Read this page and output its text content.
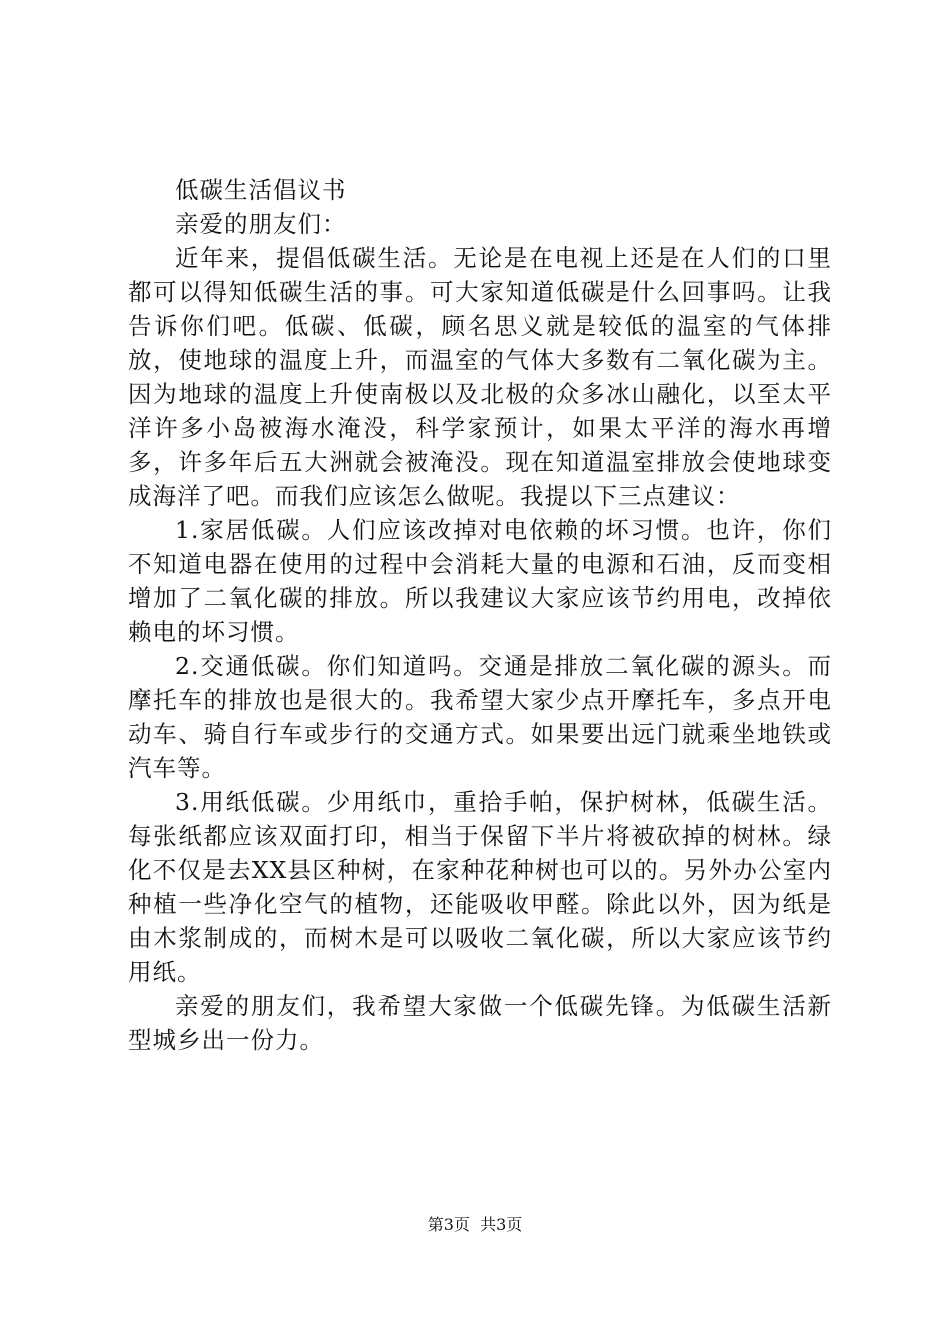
低碳生活倡议书

亲爱的朋友们：

近年来，提倡低碳生活。无论是在电视上还是在人们的口里都可以得知低碳生活的事。可大家知道低碳是什么回事吗。让我告诉你们吧。低碳、低碳，顾名思义就是较低的温室的气体排放，使地球的温度上升，而温室的气体大多数有二氧化碳为主。因为地球的温度上升使南极以及北极的众多冰山融化，以至太平洋许多小岛被海水淹没，科学家预计，如果太平洋的海水再增多，许多年后五大洲就会被淹没。现在知道温室排放会使地球变成海洋了吧。而我们应该怎么做呢。我提以下三点建议：

1.家居低碳。人们应该改掉对电依赖的坏习惯。也许，你们不知道电器在使用的过程中会消耗大量的电源和石油，反而变相增加了二氧化碳的排放。所以我建议大家应该节约用电，改掉依赖电的坏习惯。

2.交通低碳。你们知道吗。交通是排放二氧化碳的源头。而摩托车的排放也是很大的。我希望大家少点开摩托车，多点开电动车、骑自行车或步行的交通方式。如果要出远门就乘坐地铁或汽车等。

3.用纸低碳。少用纸巾，重拾手帕，保护树林，低碳生活。每张纸都应该双面打印，相当于保留下半片将被砍掉的树林。绿化不仅是去XX县区种树，在家种花种树也可以的。另外办公室内种植一些净化空气的植物，还能吸收甲醛。除此以外，因为纸是由木浆制成的，而树木是可以吸收二氧化碳，所以大家应该节约用纸。

亲爱的朋友们，我希望大家做一个低碳先锋。为低碳生活新型城乡出一份力。

第3页 共3页
